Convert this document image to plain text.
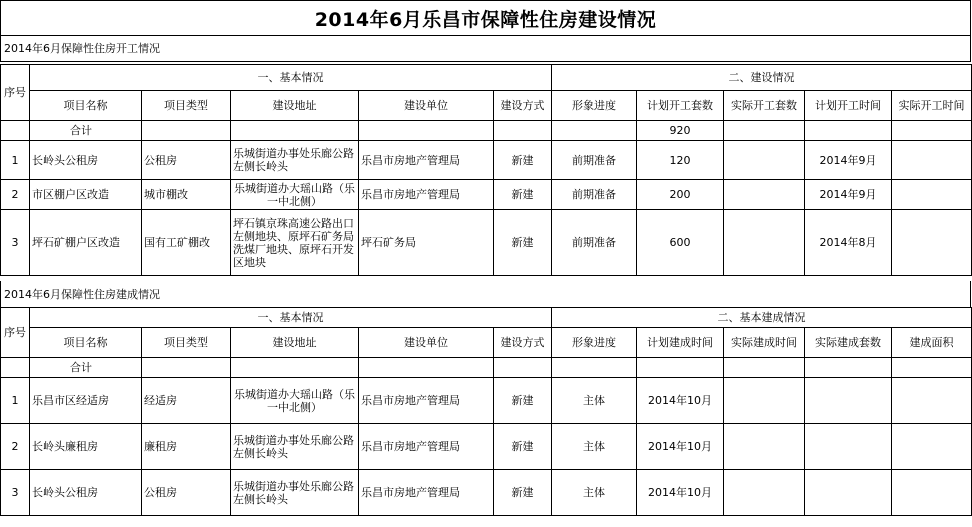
2014年6月乐昌市保障性住房建设情况
2014年6月保障性住房开工情况
序号	一、基本情况					二、建设情况				
	项目名称	项目类型	建设地址	建设单位	建设方式	形象进度	计划开工套数	实际开工套数	计划开工时间	实际开工时间
	合计						920			
1	长岭头公租房	公租房	乐城街道办事处乐廊公路左侧长岭头	乐昌市房地产管理局	新建	前期准备	120		2014年9月	
2	市区棚户区改造	城市棚改	乐城街道办大瑶山路（乐一中北侧）	乐昌市房地产管理局	新建	前期准备	200		2014年9月	
3	坪石矿棚户区改造	国有工矿棚改	坪石镇京珠高速公路出口左侧地块、原坪石矿务局洗煤厂地块、原坪石开发区地块	坪石矿务局	新建	前期准备	600		2014年8月	
2014年6月保障性住房建成情况
序号	一、基本情况					二、基本建成情况				
	项目名称	项目类型	建设地址	建设单位	建设方式	形象进度	计划建成时间	实际建成时间	实际建成套数	建成面积
	合计									
1	乐昌市区经适房	经适房	乐城街道办大瑶山路（乐一中北侧）	乐昌市房地产管理局	新建	主体	2014年10月			
2	长岭头廉租房	廉租房	乐城街道办事处乐廊公路左侧长岭头	乐昌市房地产管理局	新建	主体	2014年10月			
3	长岭头公租房	公租房	乐城街道办事处乐廊公路左侧长岭头	乐昌市房地产管理局	新建	主体	2014年10月			
